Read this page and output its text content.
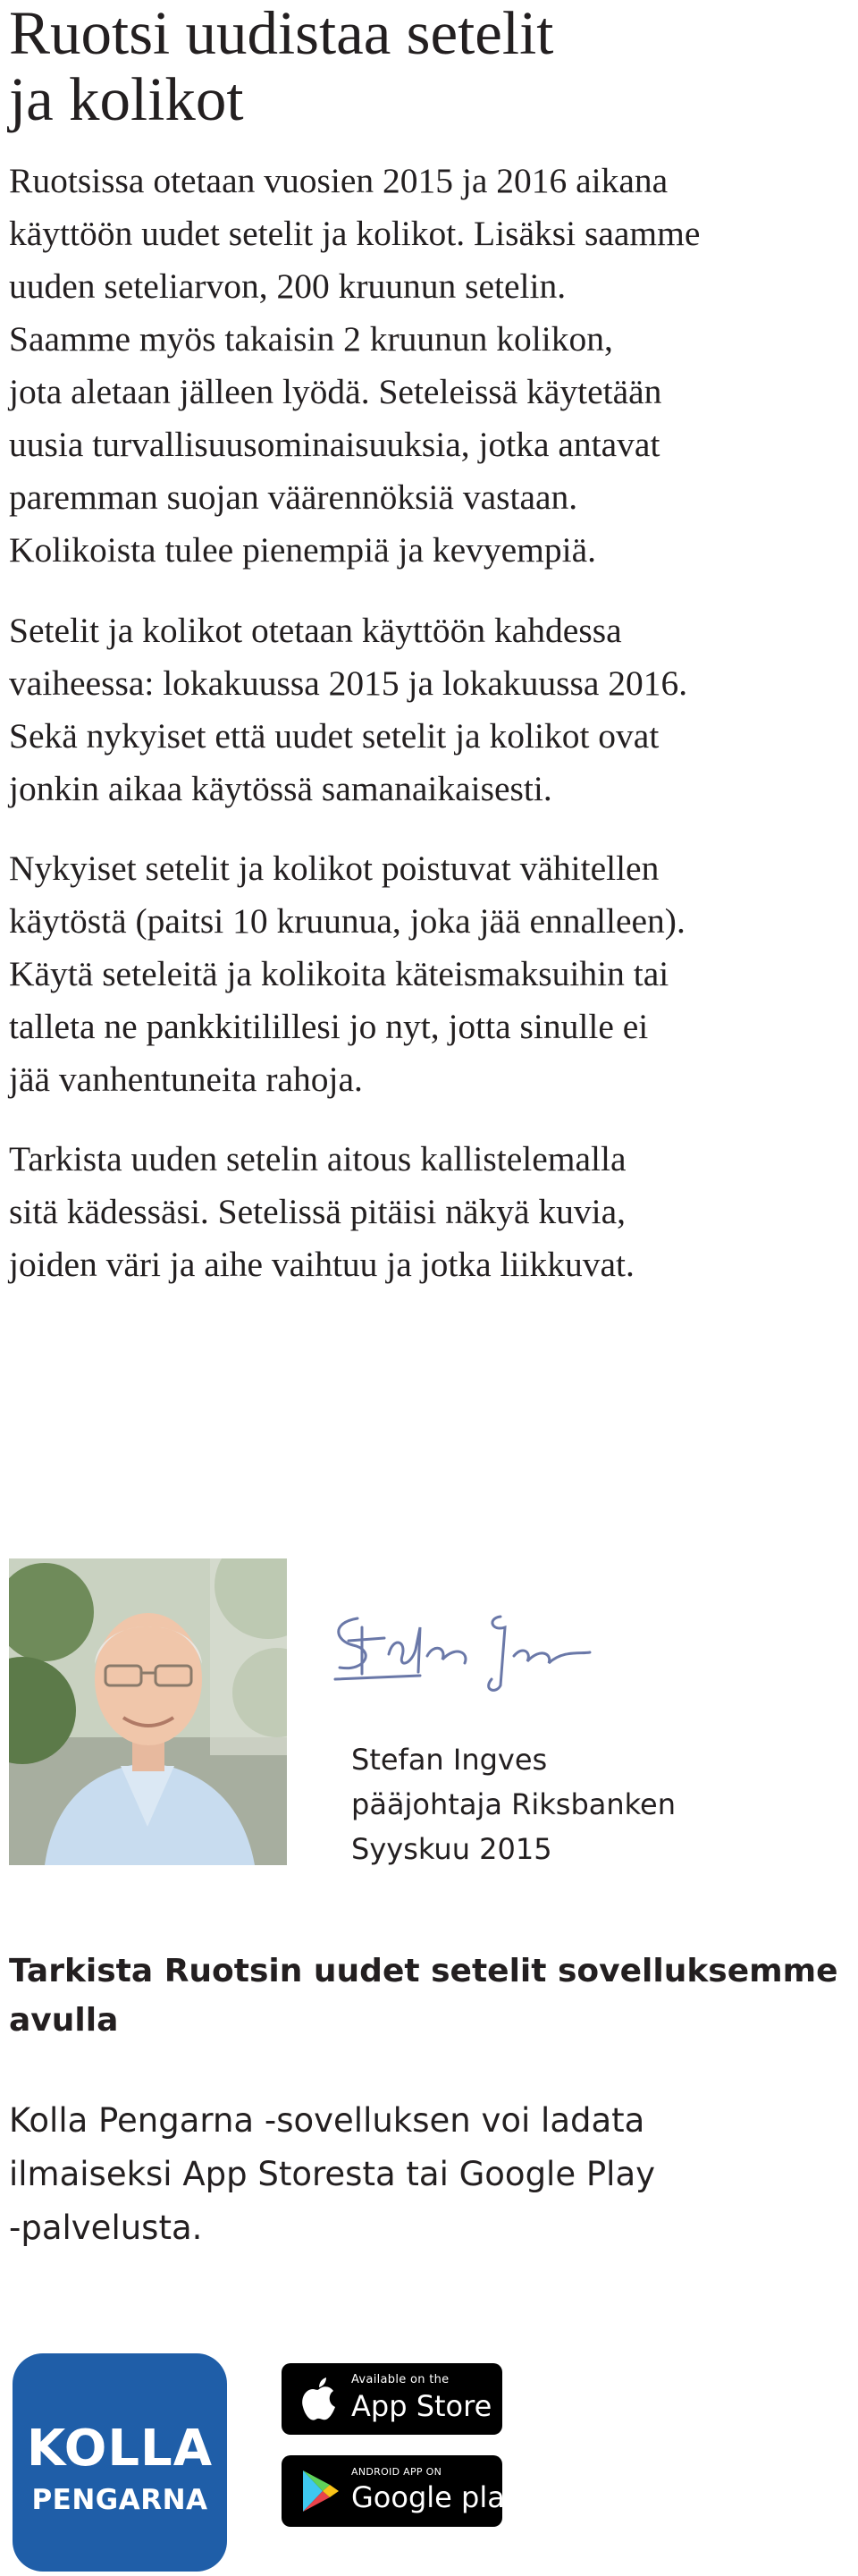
Ruotsi uudistaa setelit
ja kolikot

Ruotsissa otetaan vuosien 2015 ja 2016 aikana
käyttöön uudet setelit ja kolikot. Lisäksi saamme
uuden seteliarvon, 200 kruunun setelin.
Saamme myös takaisin 2 kruunun kolikon,
jota aletaan jälleen lyödä. Seteleissä käytetään
uusia turvallisuusominaisuuksia, jotka antavat
paremman suojan väärennöksiä vastaan.
Kolikoista tulee pienempiä ja kevyempiä.

Setelit ja kolikot otetaan käyttöön kahdessa
vaiheessa: lokakuussa 2015 ja lokakuussa 2016.
Sekä nykyiset että uudet setelit ja kolikot ovat
jonkin aikaa käytössä samanaikaisesti.

Nykyiset setelit ja kolikot poistuvat vähitellen
käytöstä (paitsi 10 kruunua, joka jää ennalleen).
Käytä seteleitä ja kolikoita käteismaksuihin tai
talleta ne pankkitilillesi jo nyt, jotta sinulle ei
jää vanhentuneita rahoja.

Tarkista uuden setelin aitous kallistelemalla
sitä kädessäsi. Setelissä pitäisi näkyä kuvia,
joiden väri ja aihe vaihtuu ja jotka liikkuvat.

Stefan Ingves

pääjohtaja Riksbanken

Syyskuu 2015

Tarkista Ruotsin uudet setelit sovelluksemme
avulla

Kolla Pengarna -sovelluksen voi ladata
ilmaiseksi App Storesta tai Google Play
-palvelusta.

KOLLA
PENGARNA
Available on the
App Store
ANDROID APP ON
Google play
